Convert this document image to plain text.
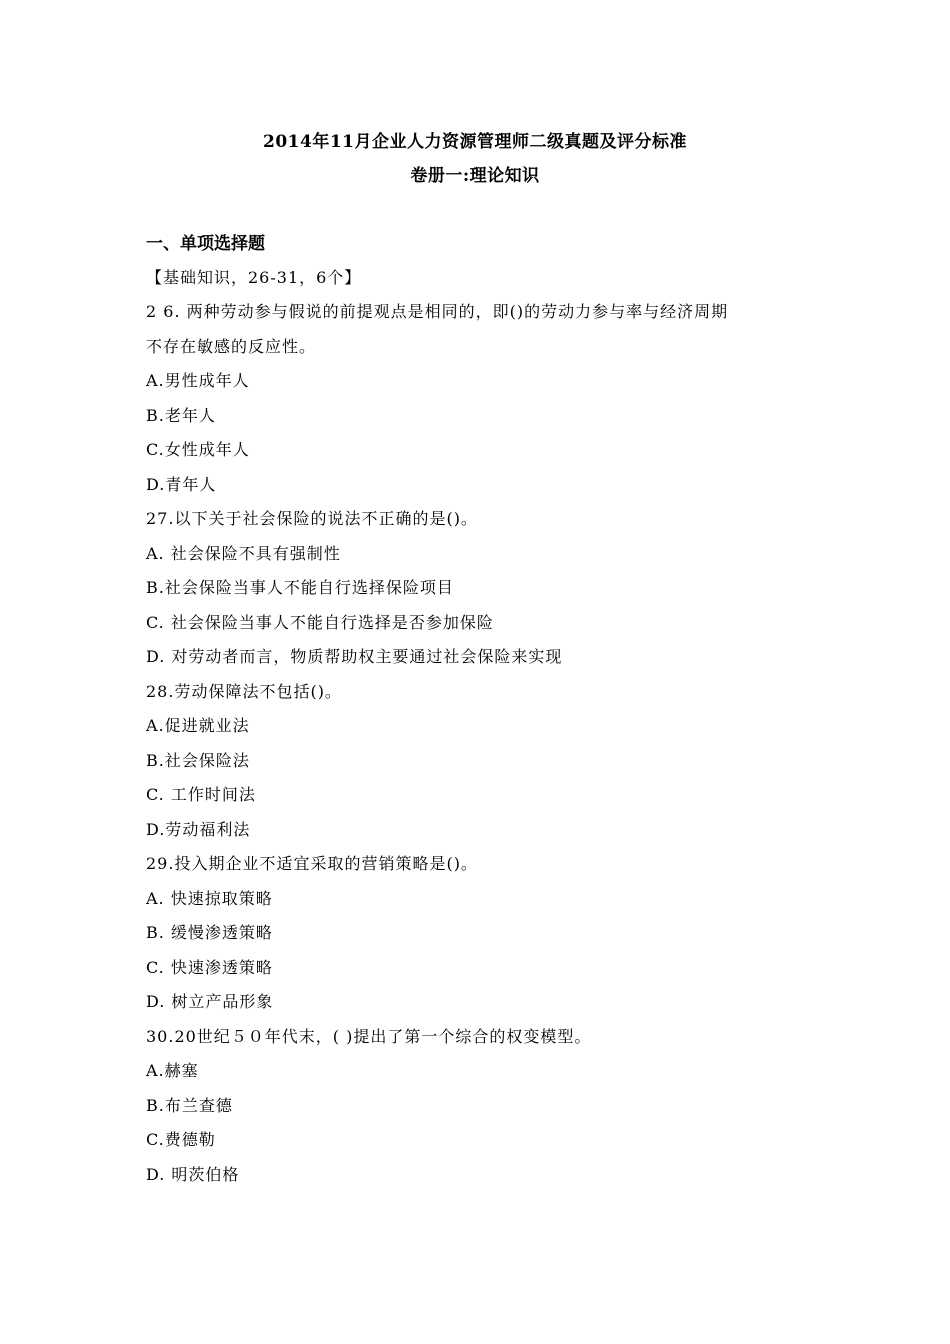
2014年11月企业人力资源管理师二级真题及评分标准
卷册一:理论知识
一、单项选择题
【基础知识，26-31，6个】
2 6. 两种劳动参与假说的前提观点是相同的，即()的劳动力参与率与经济周期
不存在敏感的反应性。
A.男性成年人
B.老年人
C.女性成年人
D.青年人
27.以下关于社会保险的说法不正确的是()。
A. 社会保险不具有强制性
B.社会保险当事人不能自行选择保险项目
C. 社会保险当事人不能自行选择是否参加保险
D. 对劳动者而言，物质帮助权主要通过社会保险来实现
28.劳动保障法不包括()。
A.促进就业法
B.社会保险法
C. 工作时间法
D.劳动福利法
29.投入期企业不适宜采取的营销策略是()。
A. 快速掠取策略
B. 缓慢渗透策略
C. 快速渗透策略
D. 树立产品形象
30.20世纪５０年代末，( )提出了第一个综合的权变模型。
A.赫塞
B.布兰查德
C.费德勒
D. 明茨伯格
